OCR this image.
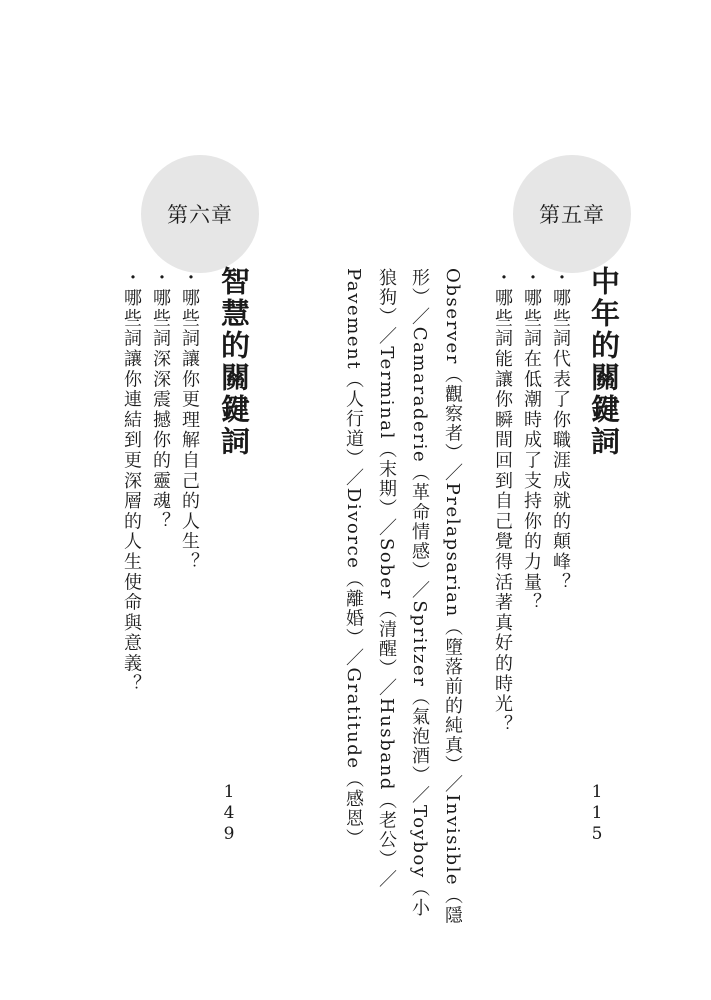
第五章
中年的關鍵詞
・哪些詞代表了你職涯成就的顛峰？
・哪些詞在低潮時成了支持你的力量？
・哪些詞能讓你瞬間回到自己覺得活著真好的時光？
Observer（觀察者）／Prelapsarian（墮落前的純真）／Invisible（隱
形）／Camaraderie（革命情感）／Spritzer（氣泡酒）／Toyboy（小
狼狗）／Terminal（末期）／Sober（清醒）／Husband（老公）／
Pavement（人行道）／Divorce（離婚）／Gratitude（感恩）	115
第六章
智慧的關鍵詞
・哪些詞讓你更理解自己的人生？
・哪些詞深深震撼你的靈魂？
・哪些詞讓你連結到更深層的人生使命與意義？
149
